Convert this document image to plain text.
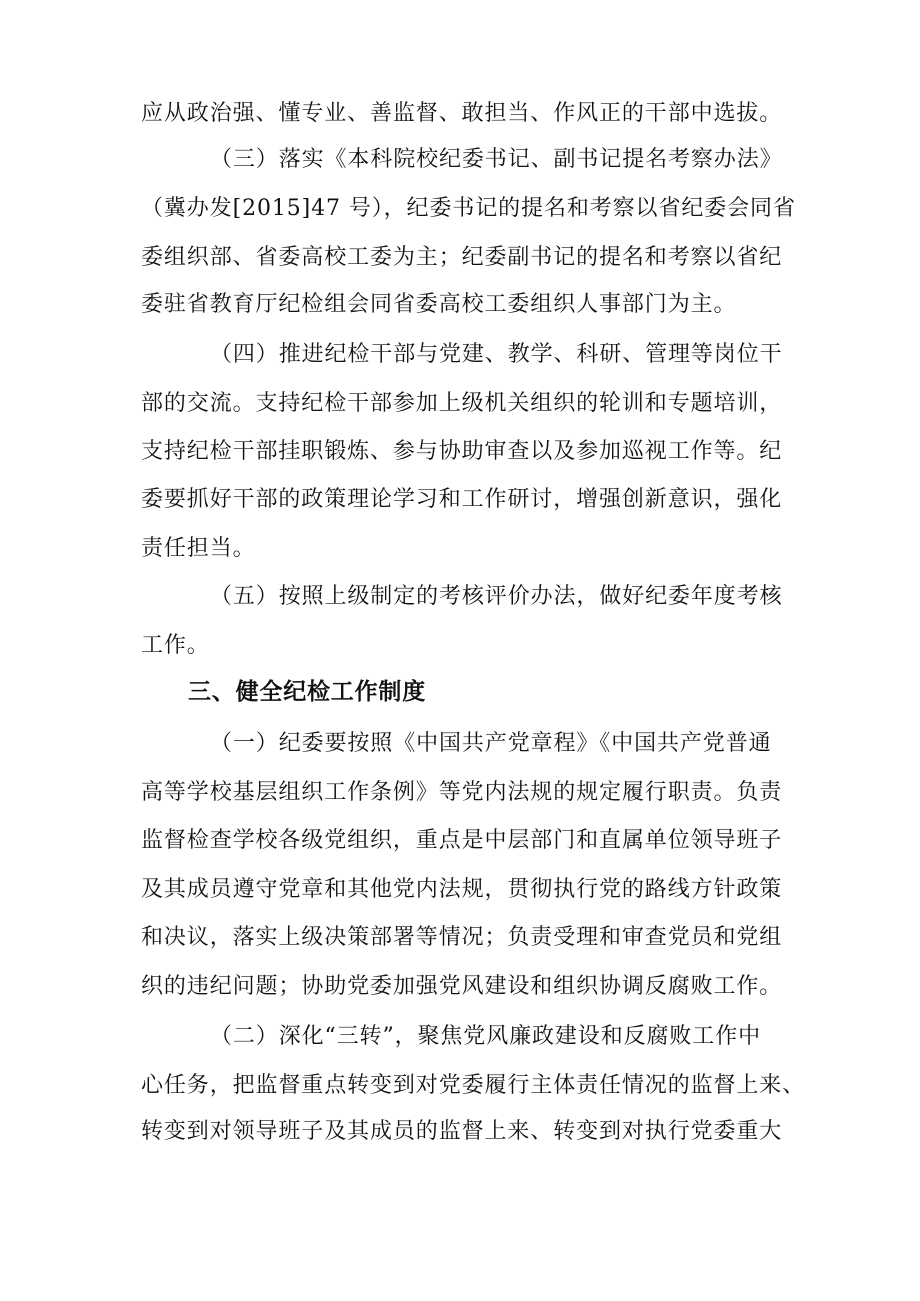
应从政治强、懂专业、善监督、敢担当、作风正的干部中选拔。
（三）落实《本科院校纪委书记、副书记提名考察办法》
（冀办发[2015]47 号），纪委书记的提名和考察以省纪委会同省
委组织部、省委高校工委为主；纪委副书记的提名和考察以省纪
委驻省教育厅纪检组会同省委高校工委组织人事部门为主。
（四）推进纪检干部与党建、教学、科研、管理等岗位干
部的交流。支持纪检干部参加上级机关组织的轮训和专题培训，
支持纪检干部挂职锻炼、参与协助审查以及参加巡视工作等。纪
委要抓好干部的政策理论学习和工作研讨，增强创新意识，强化
责任担当。
（五）按照上级制定的考核评价办法，做好纪委年度考核
工作。
三、健全纪检工作制度
（一）纪委要按照《中国共产党章程》《中国共产党普通
高等学校基层组织工作条例》等党内法规的规定履行职责。负责
监督检查学校各级党组织，重点是中层部门和直属单位领导班子
及其成员遵守党章和其他党内法规，贯彻执行党的路线方针政策
和决议，落实上级决策部署等情况；负责受理和审查党员和党组
织的违纪问题；协助党委加强党风建设和组织协调反腐败工作。
（二）深化“三转”，聚焦党风廉政建设和反腐败工作中
心任务，把监督重点转变到对党委履行主体责任情况的监督上来、
转变到对领导班子及其成员的监督上来、转变到对执行党委重大
